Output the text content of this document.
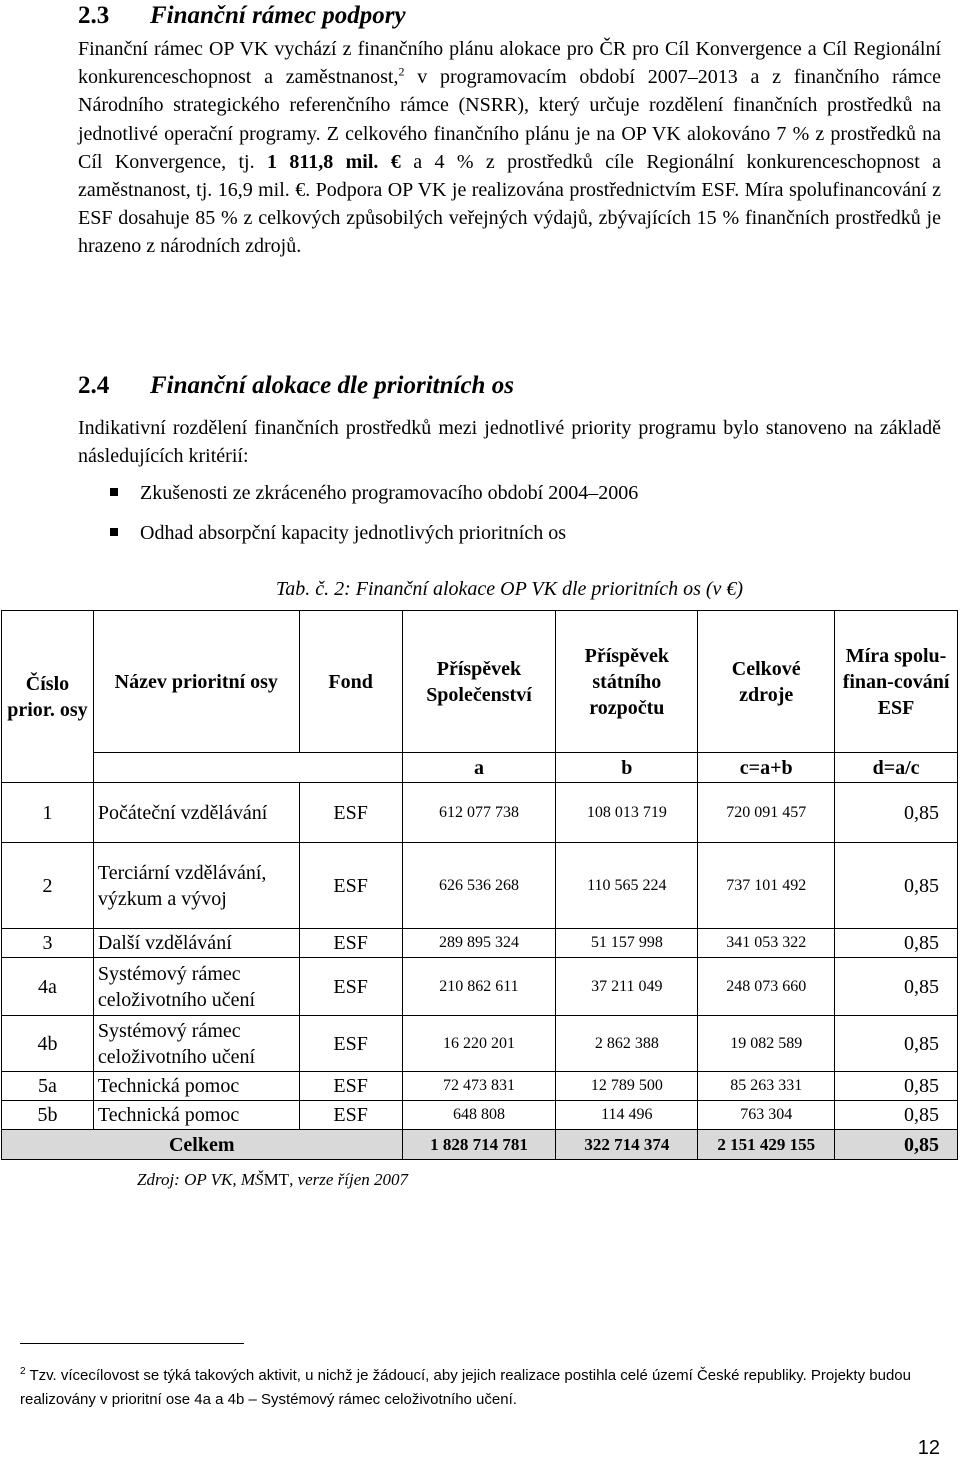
2.3 Finanční rámec podpory
Finanční rámec OP VK vychází z finančního plánu alokace pro ČR pro Cíl Konvergence a Cíl Regionální konkurenceschopnost a zaměstnanost,$^2$ v programovacím období 2007–2013 a z finančního rámce Národního strategického referenčního rámce (NSRR), který určuje rozdělení finančních prostředků na jednotlivé operační programy. Z celkového finančního plánu je na OP VK alokováno 7 % z prostředků na Cíl Konvergence, tj. 1 811,8 mil. € a 4 % z prostředků cíle Regionální konkurenceschopnost a zaměstnanost, tj. 16,9 mil. €. Podpora OP VK je realizována prostřednictvím ESF. Míra spolufinancování z ESF dosahuje 85 % z celkových způsobilých veřejných výdajů, zbývajících 15 % finančních prostředků je hrazeno z národních zdrojů.
2.4 Finanční alokace dle prioritních os
Indikativní rozdělení finančních prostředků mezi jednotlivé priority programu bylo stanoveno na základě následujících kritérií:
Zkušenosti ze zkráceného programovacího období 2004–2006
Odhad absorpční kapacity jednotlivých prioritních os
Tab. č. 2: Finanční alokace OP VK dle prioritních os (v €)
Číslo prior. osy	Název prioritní osy	Fond	Příspěvek Společenství	Příspěvek státního rozpočtu	Celkové zdroje	Míra spolu-finan-cování ESF
			a	b	c=a+b	d=a/c
1	Počáteční vzdělávání	ESF	612 077 738	108 013 719	720 091 457	0,85
2	Terciární vzdělávání, výzkum a vývoj	ESF	626 536 268	110 565 224	737 101 492	0,85
3	Další vzdělávání	ESF	289 895 324	51 157 998	341 053 322	0,85
4a	Systémový rámec celoživotního učení	ESF	210 862 611	37 211 049	248 073 660	0,85
4b	Systémový rámec celoživotního učení	ESF	16 220 201	2 862 388	19 082 589	0,85
5a	Technická pomoc	ESF	72 473 831	12 789 500	85 263 331	0,85
5b	Technická pomoc	ESF	648 808	114 496	763 304	0,85
Celkem			1 828 714 781	322 714 374	2 151 429 155	0,85
Zdroj: OP VK, MŠMT, verze říjen 2007
$^2$ Tzv. vícecílovost se týká takových aktivit, u nichž je žádoucí, aby jejich realizace postihla celé území České republiky. Projekty budou realizovány v prioritní ose 4a a 4b – Systémový rámec celoživotního učení.
12
